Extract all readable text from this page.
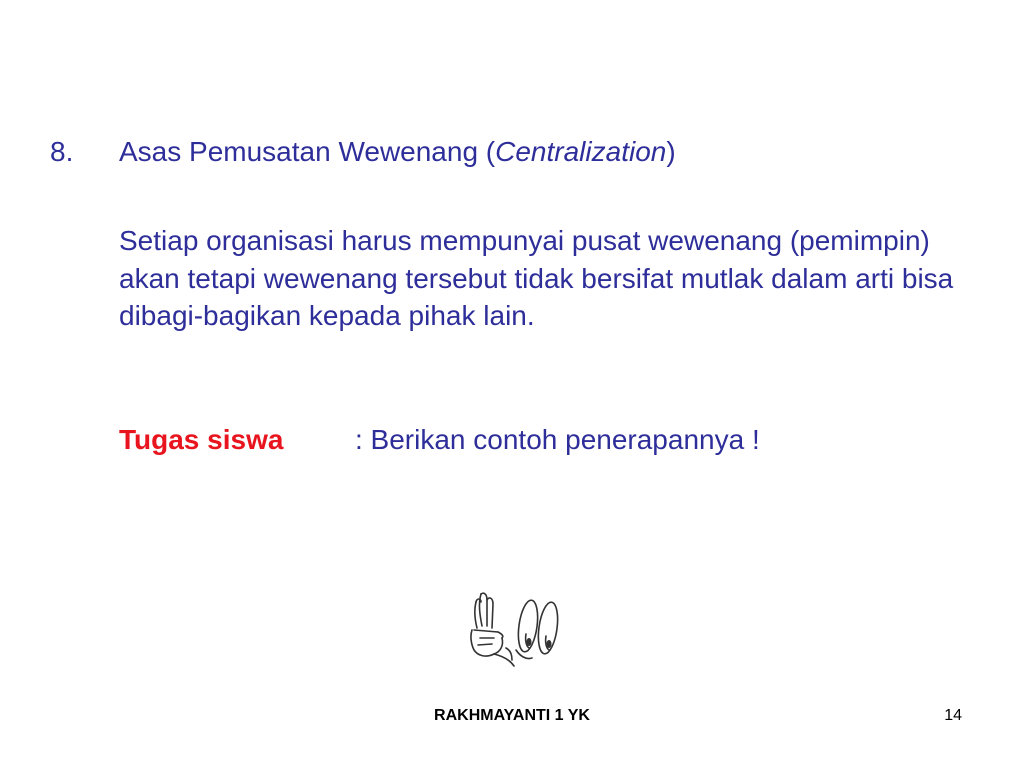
8. Asas Pemusatan Wewenang (Centralization)
Setiap organisasi harus mempunyai pusat wewenang (pemimpin) akan tetapi wewenang tersebut tidak bersifat mutlak dalam arti bisa dibagi-bagikan kepada pihak lain.
Tugas siswa	: Berikan contoh penerapannya !
RAKHMAYANTI 1 YK	14
